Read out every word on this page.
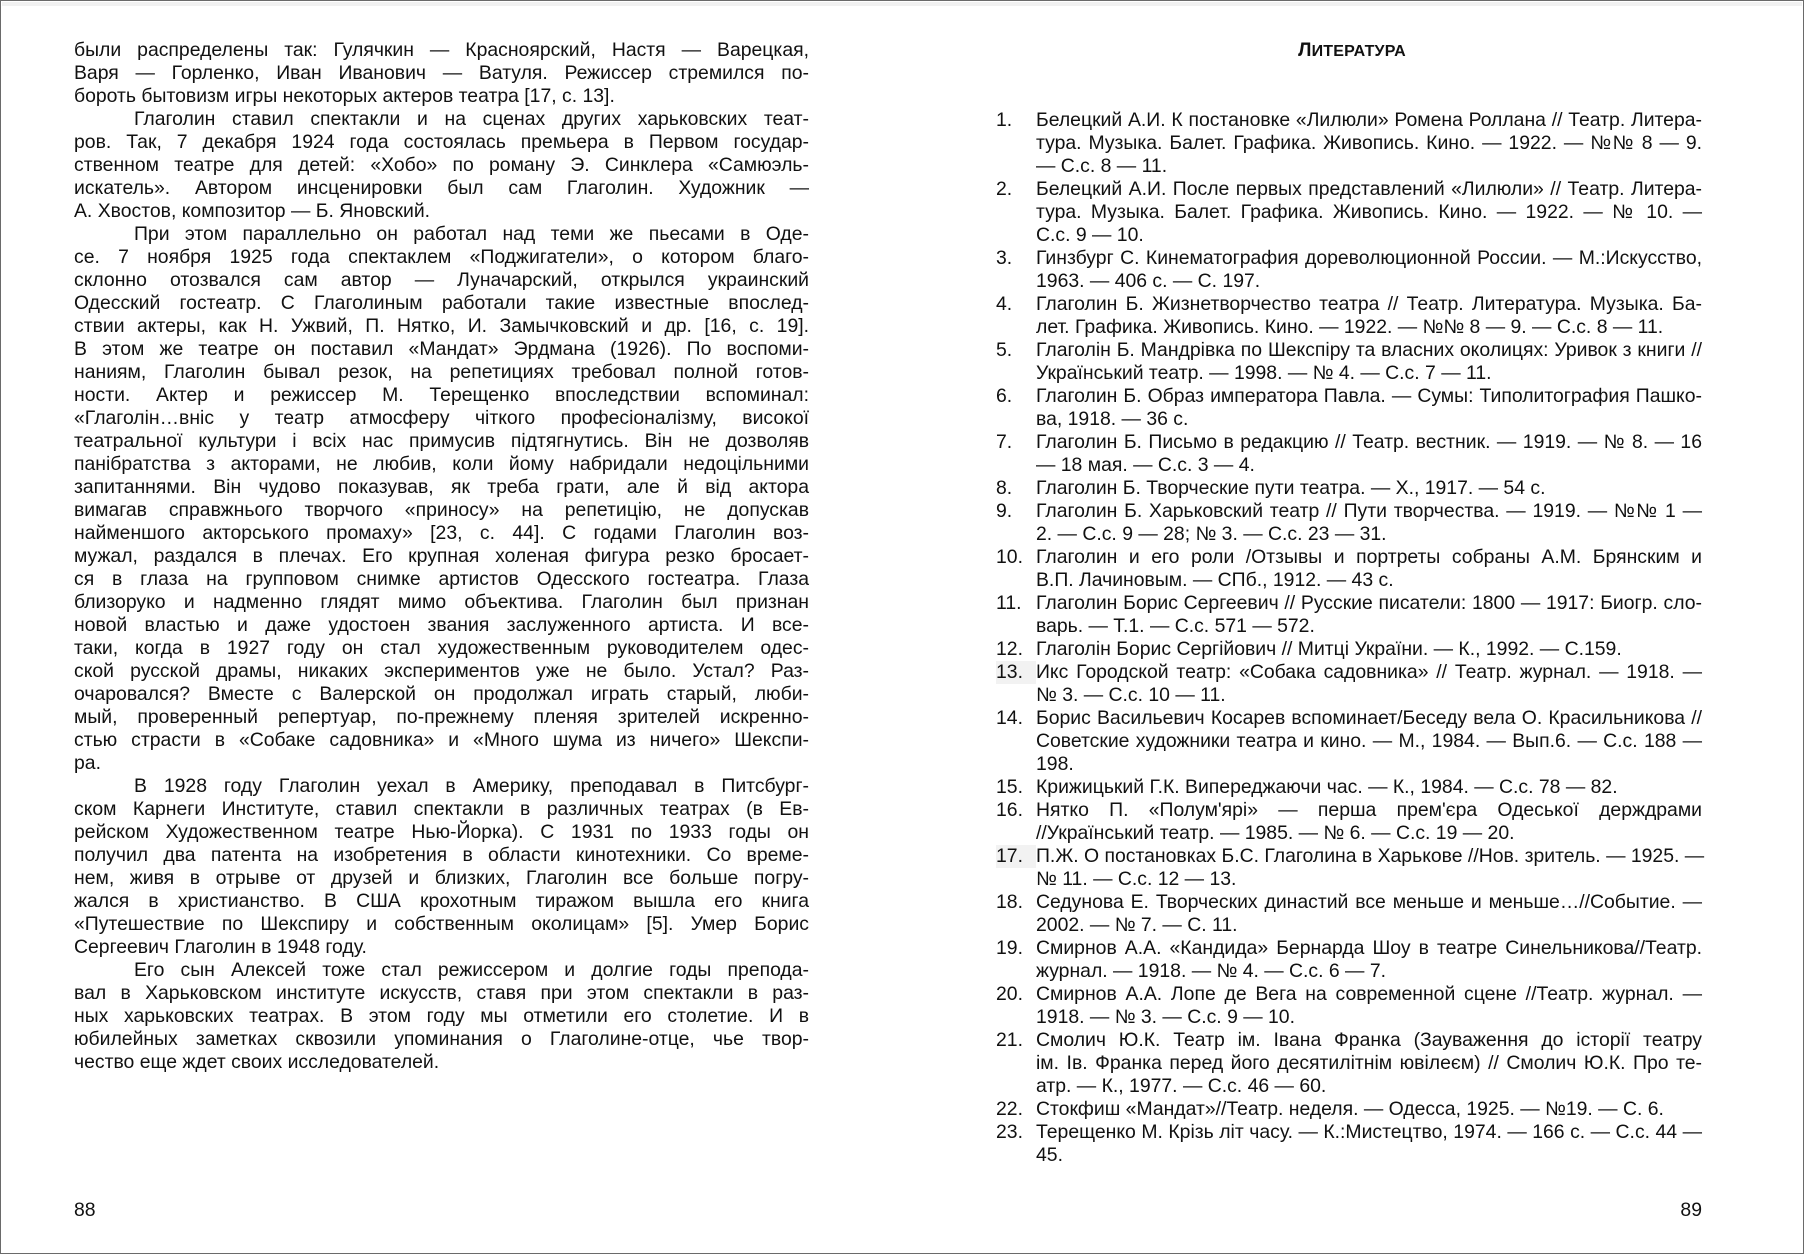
были распределены так: Гулячкин — Красноярский, Настя — Варецкая,
Варя — Горленко, Иван Иванович — Ватуля. Режиссер стремился по-
бороть бытовизм игры некоторых актеров театра [17, с. 13].
Глаголин ставил спектакли и на сценах других харьковских теат-
ров. Так, 7 декабря 1924 года состоялась премьера в Первом государ-
ственном театре для детей: «Хобо» по роману Э. Синклера «Самюэль-
искатель». Автором инсценировки был сам Глаголин. Художник —
А. Хвостов, композитор — Б. Яновский.
При этом параллельно он работал над теми же пьесами в Оде-
се. 7 ноября 1925 года спектаклем «Поджигатели», о котором благо-
склонно отозвался сам автор — Луначарский, открылся украинский
Одесский гостеатр. С Глаголиным работали такие известные впослед-
ствии актеры, как Н. Ужвий, П. Нятко, И. Замычковский и др. [16, с. 19].
В этом же театре он поставил «Мандат» Эрдмана (1926). По воспоми-
наниям, Глаголин бывал резок, на репетициях требовал полной готов-
ности. Актер и режиссер М. Терещенко впоследствии вспоминал:
«Глаголін…вніс у театр атмосферу чіткого професіоналізму, високої
театральної культури і всіх нас примусив підтягнутись. Він не дозволяв
панібратства з акторами, не любив, коли йому набридали недоцільними
запитаннями. Він чудово показував, як треба грати, але й від актора
вимагав справжнього творчого «приносу» на репетицію, не допускав
найменшого акторського промаху» [23, с. 44]. С годами Глаголин воз-
мужал, раздался в плечах. Его крупная холеная фигура резко бросает-
ся в глаза на групповом снимке артистов Одесского гостеатра. Глаза
близоруко и надменно глядят мимо объектива. Глаголин был признан
новой властью и даже удостоен звания заслуженного артиста. И все-
таки, когда в 1927 году он стал художественным руководителем одес-
ской русской драмы, никаких экспериментов уже не было. Устал? Раз-
очаровался? Вместе с Валерской он продолжал играть старый, люби-
мый, проверенный репертуар, по-прежнему пленяя зрителей искренно-
стью страсти в «Собаке садовника» и «Много шума из ничего» Шекспи-
ра.
В 1928 году Глаголин уехал в Америку, преподавал в Питсбург-
ском Карнеги Институте, ставил спектакли в различных театрах (в Ев-
рейском Художественном театре Нью-Йорка). С 1931 по 1933 годы он
получил два патента на изобретения в области кинотехники. Со време-
нем, живя в отрыве от друзей и близких, Глаголин все больше погру-
жался в христианство. В США крохотным тиражом вышла его книга
«Путешествие по Шекспиру и собственным околицам» [5]. Умер Борис
Сергеевич Глаголин в 1948 году.
Его сын Алексей тоже стал режиссером и долгие годы препода-
вал в Харьковском институте искусств, ставя при этом спектакли в раз-
ных харьковских театрах. В этом году мы отметили его столетие. И в
юбилейных заметках сквозили упоминания о Глаголине-отце, чье твор-
чество еще ждет своих исследователей.
88
ЛИТЕРАТУРА
1.	Белецкий А.И. К постановке «Лилюли» Ромена Роллана // Театр. Литера-
тура. Музыка. Балет. Графика. Живопись. Кино. — 1922. — №№ 8 — 9.
— С.с. 8 — 11.
2.	Белецкий А.И. После первых представлений «Лилюли» // Театр. Литера-
тура. Музыка. Балет. Графика. Живопись. Кино. — 1922. — № 10. —
С.с. 9 — 10.
3.	Гинзбург С. Кинематография дореволюционной России. — М.:Искусство,
1963. — 406 с. — С. 197.
4.	Глаголин Б. Жизнетворчество театра // Театр. Литература. Музыка. Ба-
лет. Графика. Живопись. Кино. — 1922. — №№ 8 — 9. — С.с. 8 — 11.
5.	Глаголін Б. Мандрівка по Шекспіру та власних околицях: Уривок з книги //
Український театр. — 1998. — № 4. — С.с. 7 — 11.
6.	Глаголин Б. Образ императора Павла. — Сумы: Типолитография Пашко-
ва, 1918. — 36 с.
7.	Глаголин Б. Письмо в редакцию // Театр. вестник. — 1919. — № 8. — 16
— 18 мая. — С.с. 3 — 4.
8.	Глаголин Б. Творческие пути театра. — Х., 1917. — 54 с.
9.	Глаголин Б. Харьковский театр // Пути творчества. — 1919. — №№ 1 —
2. — С.с. 9 — 28; № 3. — С.с. 23 — 31.
10. Глаголин и его роли /Отзывы и портреты собраны А.М. Брянским и
В.П. Лачиновым. — СПб., 1912. — 43 с.
11. Глаголин Борис Сергеевич // Русские писатели: 1800 — 1917: Биогр. сло-
варь. — Т.1. — С.с. 571 — 572.
12. Глаголін Борис Сергійович // Митці України. — К., 1992. — С.159.
13. Икс Городской театр: «Собака садовника» // Театр. журнал. — 1918. —
№ 3. — С.с. 10 — 11.
14. Борис Васильевич Косарев вспоминает/Беседу вела О. Красильникова //
Советские художники театра и кино. — М., 1984. — Вып.6. — С.с. 188 —
198.
15. Крижицький Г.К. Випереджаючи час. — К., 1984. — С.с. 78 — 82.
16. Нятко П. «Полум'ярі» — перша прем'єра Одеської держдрами
//Український театр. — 1985. — № 6. — С.с. 19 — 20.
17. П.Ж. О постановках Б.С. Глаголина в Харькове //Нов. зритель. — 1925. —
№ 11. — С.с. 12 — 13.
18. Седунова Е. Творческих династий все меньше и меньше…//Событие. —
2002. — № 7. — С. 11.
19. Смирнов А.А. «Кандида» Бернарда Шоу в театре Синельникова//Театр.
журнал. — 1918. — № 4. — С.с. 6 — 7.
20. Смирнов А.А. Лопе де Вега на современной сцене //Театр. журнал. —
1918. — № 3. — С.с. 9 — 10.
21. Смолич Ю.К. Театр ім. Івана Франка (Зауваження до історії театру
ім. Ів. Франка перед його десятилітнім ювілеєм) // Смолич Ю.К. Про те-
атр. — К., 1977. — С.с. 46 — 60.
22. Стокфиш «Мандат»//Театр. неделя. — Одесса, 1925. — №19. — С. 6.
23. Терещенко М. Крізь літ часу. — К.:Мистецтво, 1974. — 166 с. — С.с. 44 —
45.
89
